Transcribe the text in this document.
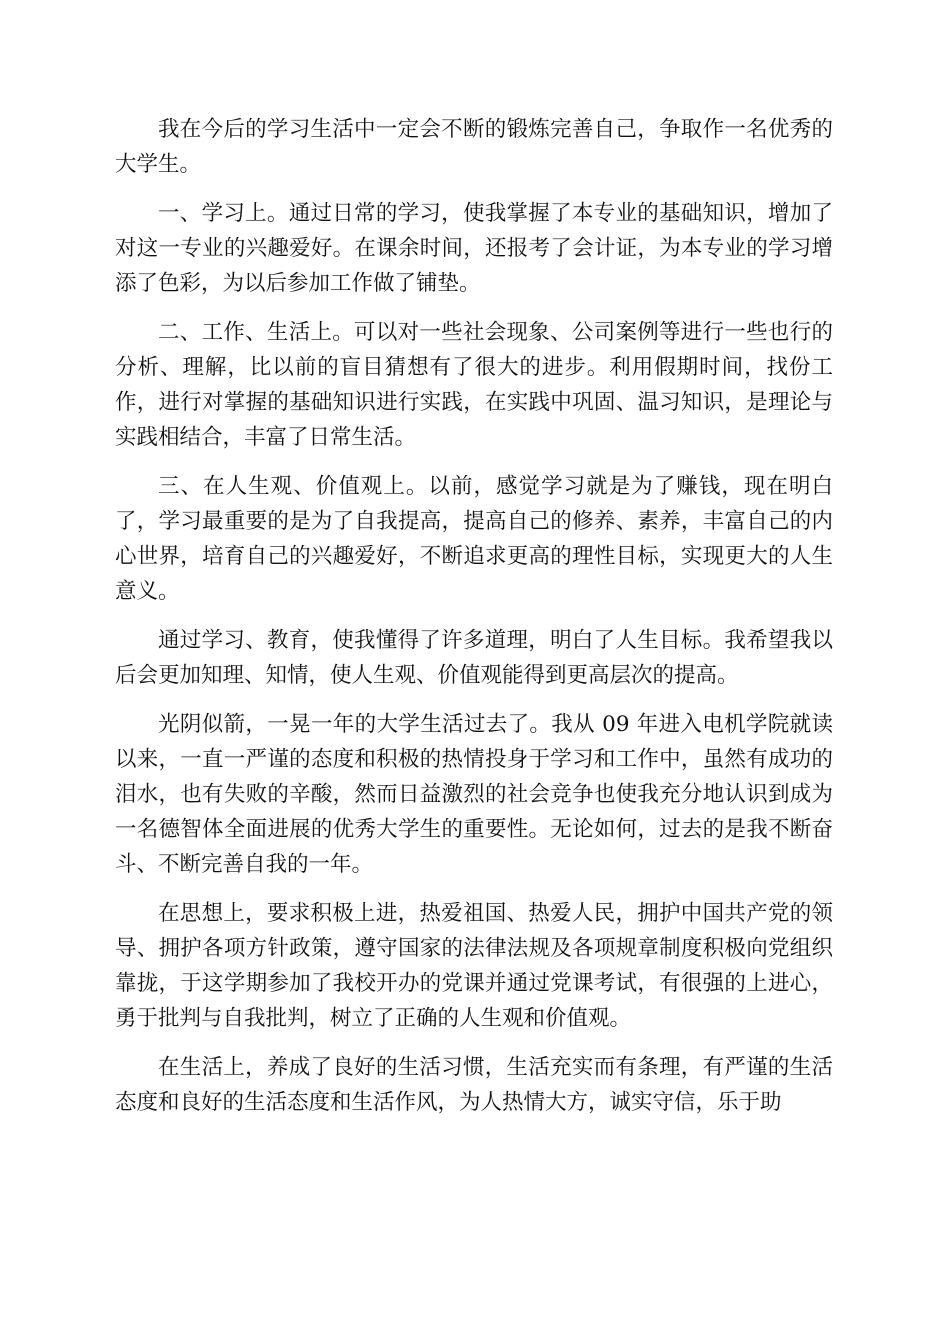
我在今后的学习生活中一定会不断的锻炼完善自己，争取作一名优秀的大学生。

一、学习上。通过日常的学习，使我掌握了本专业的基础知识，增加了对这一专业的兴趣爱好。在课余时间，还报考了会计证，为本专业的学习增添了色彩，为以后参加工作做了铺垫。

二、工作、生活上。可以对一些社会现象、公司案例等进行一些也行的分析、理解，比以前的盲目猜想有了很大的进步。利用假期时间，找份工作，进行对掌握的基础知识进行实践，在实践中巩固、温习知识，是理论与实践相结合，丰富了日常生活。

三、在人生观、价值观上。以前，感觉学习就是为了赚钱，现在明白了，学习最重要的是为了自我提高，提高自己的修养、素养，丰富自己的内心世界，培育自己的兴趣爱好，不断追求更高的理性目标，实现更大的人生意义。

通过学习、教育，使我懂得了许多道理，明白了人生目标。我希望我以后会更加知理、知情，使人生观、价值观能得到更高层次的提高。

光阴似箭，一晃一年的大学生活过去了。我从 09 年进入电机学院就读以来，一直一严谨的态度和积极的热情投身于学习和工作中，虽然有成功的泪水，也有失败的辛酸，然而日益激烈的社会竞争也使我充分地认识到成为一名德智体全面进展的优秀大学生的重要性。无论如何，过去的是我不断奋斗、不断完善自我的一年。

在思想上，要求积极上进，热爱祖国、热爱人民，拥护中国共产党的领导、拥护各项方针政策，遵守国家的法律法规及各项规章制度积极向党组织靠拢，于这学期参加了我校开办的党课并通过党课考试，有很强的上进心，勇于批判与自我批判，树立了正确的人生观和价值观。

在生活上，养成了良好的生活习惯，生活充实而有条理，有严谨的生活态度和良好的生活态度和生活作风，为人热情大方，诚实守信，乐于助
